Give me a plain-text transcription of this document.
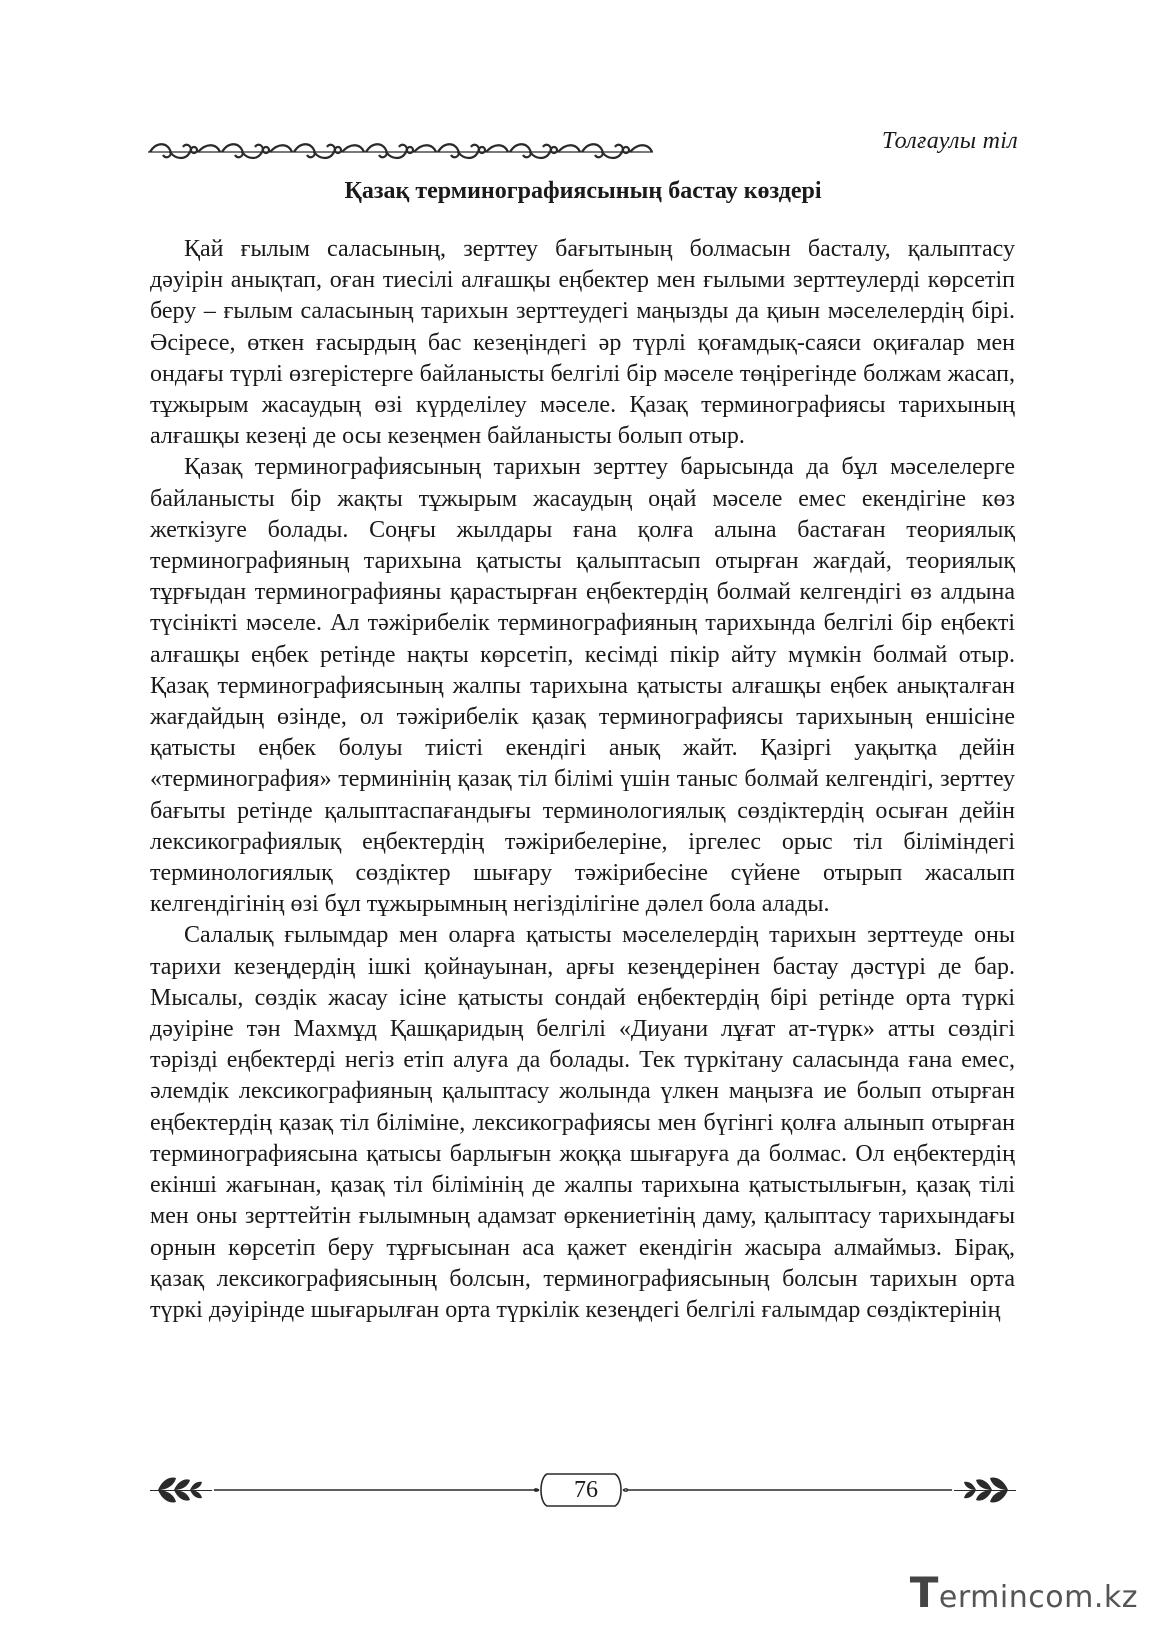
Толғаулы тіл
Қазақ терминографиясының бастау көздері

Қай ғылым саласының, зерттеу бағытының болмасын басталу, қалыптасу дәуірін анықтап, оған тиесілі алғашқы еңбектер мен ғылыми зерттеулерді көрсетіп беру – ғылым саласының тарихын зерттеудегі маңызды да қиын мәселелердің бірі. Әсіресе, өткен ғасырдың бас кезеңіндегі әр түрлі қоғамдық-саяси оқиғалар мен ондағы түрлі өзгерістерге байланысты белгілі бір мәселе төңірегінде болжам жасап, тұжырым жасаудың өзі күрделілеу мәселе. Қазақ терминографиясы тарихының алғашқы кезеңі де осы кезеңмен байланысты болып отыр.

Қазақ терминографиясының тарихын зерттеу барысында да бұл мәселелерге байланысты бір жақты тұжырым жасаудың оңай мәселе емес екендігіне көз жеткізуге болады. Соңғы жылдары ғана қолға алына бастаған теориялық терминографияның тарихына қатысты қалыптасып отырған жағдай, теориялық тұрғыдан терминографияны қарастырған еңбектердің болмай келгендігі өз алдына түсінікті мәселе. Ал тәжірибелік терминографияның тарихында белгілі бір еңбекті алғашқы еңбек ретінде нақты көрсетіп, кесімді пікір айту мүмкін болмай отыр. Қазақ терминографиясының жалпы тарихына қатысты алғашқы еңбек анықталған жағдайдың өзінде, ол тәжірибелік қазақ терминографиясы тарихының еншісіне қатысты еңбек болуы тиісті екендігі анық жайт. Қазіргі уақытқа дейін «терминография» терминінің қазақ тіл білімі үшін таныс болмай келгендігі, зерттеу бағыты ретінде қалыптаспағандығы терминологиялық сөздіктердің осыған дейін лексикографиялық еңбектердің тәжірибелеріне, іргелес орыс тіл біліміндегі терминологиялық сөздіктер шығару тәжірибесіне сүйене отырып жасалып келгендігінің өзі бұл тұжырымның негізділігіне дәлел бола алады.

Салалық ғылымдар мен оларға қатысты мәселелердің тарихын зерттеуде оны тарихи кезеңдердің ішкі қойнауынан, арғы кезеңдерінен бастау дәстүрі де бар. Мысалы, сөздік жасау ісіне қатысты сондай еңбектердің бірі ретінде орта түркі дәуіріне тән Махмұд Қашқаридың белгілі «Диуани лұғат ат-түрк» атты сөздігі тәрізді еңбектерді негіз етіп алуға да болады. Тек түркітану саласында ғана емес, әлемдік лексикографияның қалыптасу жолында үлкен маңызға ие болып отырған еңбектердің қазақ тіл біліміне, лексикографиясы мен бүгінгі қолға алынып отырған терминографиясына қатысы барлығын жоққа шығаруға да болмас. Ол еңбектердің екінші жағынан, қазақ тіл білімінің де жалпы тарихына қатыстылығын, қазақ тілі мен оны зерттейтін ғылымның адамзат өркениетінің даму, қалыптасу тарихындағы орнын көрсетіп беру тұрғысынан аса қажет екендігін жасыра алмаймыз. Бірақ, қазақ лексикографиясының болсын, терминографиясының болсын тарихын орта түркі дәуірінде шығарылған орта түркілік кезеңдегі белгілі ғалымдар сөздіктерінің

76
Termincom.kz
